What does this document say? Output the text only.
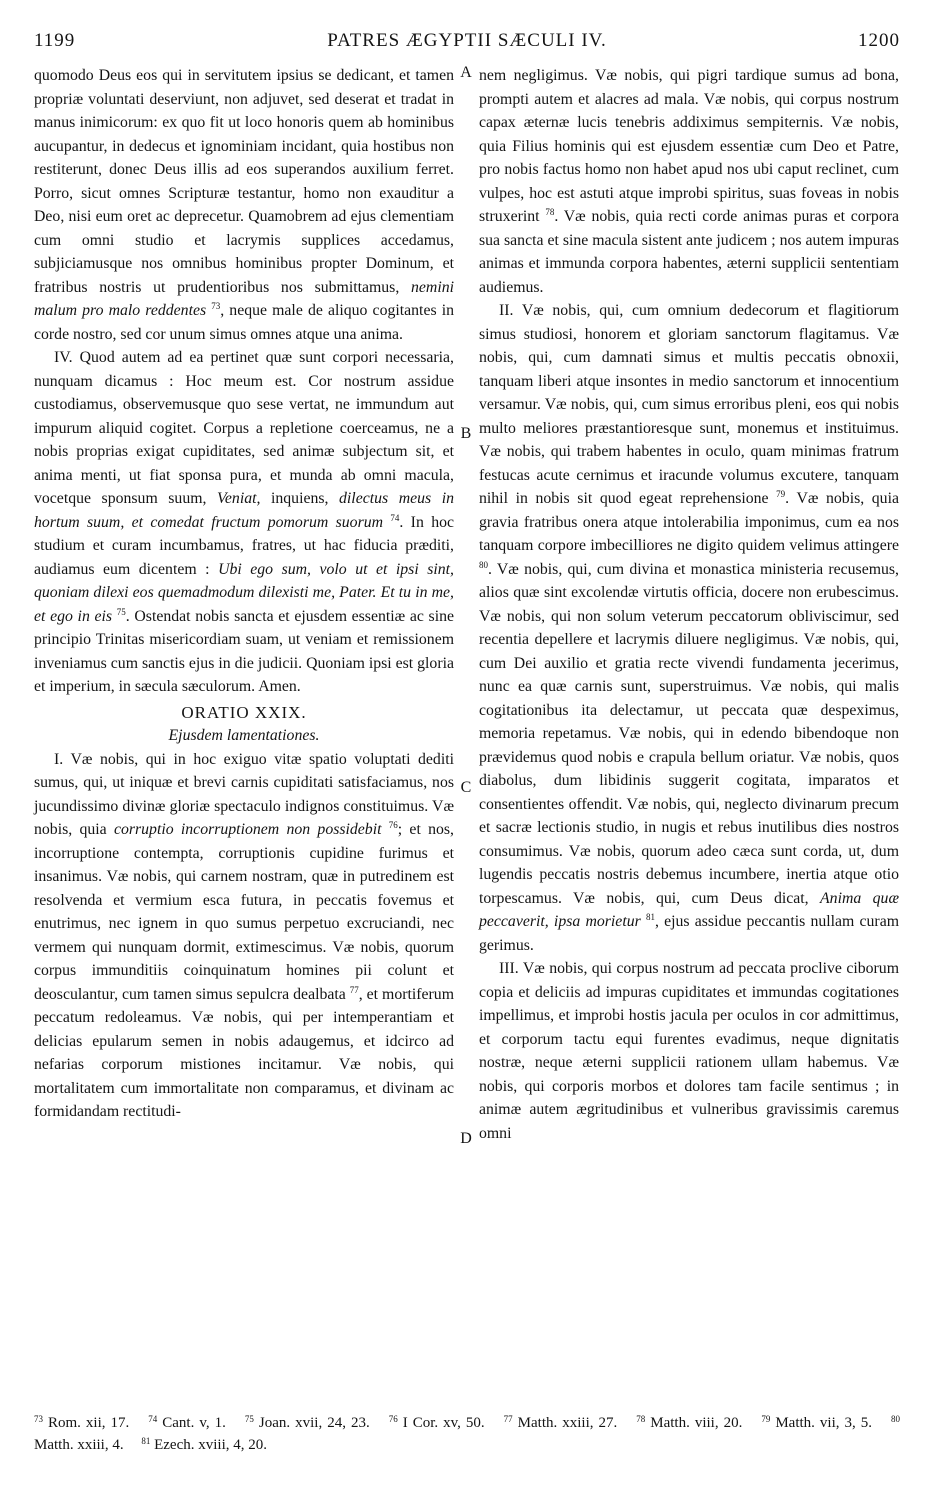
1199	PATRES ÆGYPTII SÆCULI IV.	1200

quomodo Deus eos qui in servitutem ipsius se dedicant, et tamen propriæ voluntati deserviunt, non adjuvet, sed deserat et tradat in manus inimicorum: ex quo fit ut loco honoris quem ab hominibus aucupantur, in dedecus et ignominiam incidant, quia hostibus non restiterunt, donec Deus illis ad eos superandos auxilium ferret. Porro, sicut omnes Scripturæ testantur, homo non exauditur a Deo, nisi eum oret ac deprecetur. Quamobrem ad ejus clementiam cum omni studio et lacrymis supplices accedamus, subjiciamusque nos omnibus hominibus propter Dominum, et fratribus nostris ut prudentioribus nos submittamus, nemini malum pro malo reddentes $^{73}$, neque male de aliquo cogitantes in corde nostro, sed cor unum simus omnes atque una anima.

IV. Quod autem ad ea pertinet quæ sunt corpori necessaria, nunquam dicamus : Hoc meum est. Cor nostrum assidue custodiamus, observemusque quo sese vertat, ne immundum aut impurum aliquid cogitet. Corpus a repletione coerceamus, ne a nobis proprias exigat cupiditates, sed animæ subjectum sit, et anima menti, ut fiat sponsa pura, et munda ab omni macula, vocetque sponsum suum, Veniat, inquiens, dilectus meus in hortum suum, et comedat fructum pomorum suorum $^{74}$. In hoc studium et curam incumbamus, fratres, ut hac fiducia præditi, audiamus eum dicentem : Ubi ego sum, volo ut et ipsi sint, quoniam dilexi eos quemadmodum dilexisti me, Pater. Et tu in me, et ego in eis $^{75}$. Ostendat nobis sancta et ejusdem essentiæ ac sine principio Trinitas misericordiam suam, ut veniam et remissionem inveniamus cum sanctis ejus in die judicii. Quoniam ipsi est gloria et imperium, in sæcula sæculorum. Amen.

ORATIO XXIX.
Ejusdem lamentationes.

I. Væ nobis, qui in hoc exiguo vitæ spatio voluptati dediti sumus, qui, ut iniquæ et brevi carnis cupiditati satisfaciamus, nos jucundissimo divinæ gloriæ spectaculo indignos constituimus. Væ nobis, quia corruptio incorruptionem non possidebit $^{76}$; et nos, incorruptione contempta, corruptionis cupidine furimus et insanimus. Væ nobis, qui carnem nostram, quæ in putredinem est resolvenda et vermium esca futura, in peccatis fovemus et enutrimus, nec ignem in quo sumus perpetuo excruciandi, nec vermem qui nunquam dormit, extimescimus. Væ nobis, quorum corpus immunditiis coinquinatum homines pii colunt et deosculantur, cum tamen simus sepulcra dealbata $^{77}$, et mortiferum peccatum redoleamus. Væ nobis, qui per intemperantiam et delicias epularum semen in nobis adaugemus, et idcirco ad nefarias corporum mistiones incitamur. Væ nobis, qui mortalitatem cum immortalitate non comparamus, et divinam ac formidandam rectitudi-

A
B
C
D

nem negligimus. Væ nobis, qui pigri tardique sumus ad bona, prompti autem et alacres ad mala. Væ nobis, qui corpus nostrum capax æternæ lucis tenebris addiximus sempiternis. Væ nobis, quia Filius hominis qui est ejusdem essentiæ cum Deo et Patre, pro nobis factus homo non habet apud nos ubi caput reclinet, cum vulpes, hoc est astuti atque improbi spiritus, suas foveas in nobis struxerint $^{78}$. Væ nobis, quia recti corde animas puras et corpora sua sancta et sine macula sistent ante judicem ; nos autem impuras animas et immunda corpora habentes, æterni supplicii sententiam audiemus.

II. Væ nobis, qui, cum omnium dedecorum et flagitiorum simus studiosi, honorem et gloriam sanctorum flagitamus. Væ nobis, qui, cum damnati simus et multis peccatis obnoxii, tanquam liberi atque insontes in medio sanctorum et innocentium versamur. Væ nobis, qui, cum simus erroribus pleni, eos qui nobis multo meliores præstantioresque sunt, monemus et instituimus. Væ nobis, qui trabem habentes in oculo, quam minimas fratrum festucas acute cernimus et iracunde volumus excutere, tanquam nihil in nobis sit quod egeat reprehensione $^{79}$. Væ nobis, quia gravia fratribus onera atque intolerabilia imponimus, cum ea nos tanquam corpore imbecilliores ne digito quidem velimus attingere $^{80}$. Væ nobis, qui, cum divina et monastica ministeria recusemus, alios quæ sint excolendæ virtutis officia, docere non erubescimus. Væ nobis, qui non solum veterum peccatorum obliviscimur, sed recentia depellere et lacrymis diluere negligimus. Væ nobis, qui, cum Dei auxilio et gratia recte vivendi fundamenta jecerimus, nunc ea quæ carnis sunt, superstruimus. Væ nobis, qui malis cogitationibus ita delectamur, ut peccata quæ despeximus, memoria repetamus. Væ nobis, qui in edendo bibendoque non prævidemus quod nobis e crapula bellum oriatur. Væ nobis, quos diabolus, dum libidinis suggerit cogitata, imparatos et consentientes offendit. Væ nobis, qui, neglecto divinarum precum et sacræ lectionis studio, in nugis et rebus inutilibus dies nostros consumimus. Væ nobis, quorum adeo cæca sunt corda, ut, dum lugendis peccatis nostris debemus incumbere, inertia atque otio torpescamus. Væ nobis, qui, cum Deus dicat, Anima quæ peccaverit, ipsa morietur $^{81}$, ejus assidue peccantis nullam curam gerimus.

III. Væ nobis, qui corpus nostrum ad peccata proclive ciborum copia et deliciis ad impuras cupiditates et immundas cogitationes impellimus, et improbi hostis jacula per oculos in cor admittimus, et corporum tactu equi furentes evadimus, neque dignitatis nostræ, neque æterni supplicii rationem ullam habemus. Væ nobis, qui corporis morbos et dolores tam facile sentimus ; in animæ autem ægritudinibus et vulneribus gravissimis caremus omni

$^{73}$ Rom. xii, 17. $^{74}$ Cant. v, 1. $^{75}$ Joan. xvii, 24, 23. $^{76}$ I Cor. xv, 50. $^{77}$ Matth. xxiii, 27. $^{78}$ Matth. viii, 20. $^{79}$ Matth. vii, 3, 5. $^{80}$ Matth. xxiii, 4. $^{81}$ Ezech. xviii, 4, 20.
